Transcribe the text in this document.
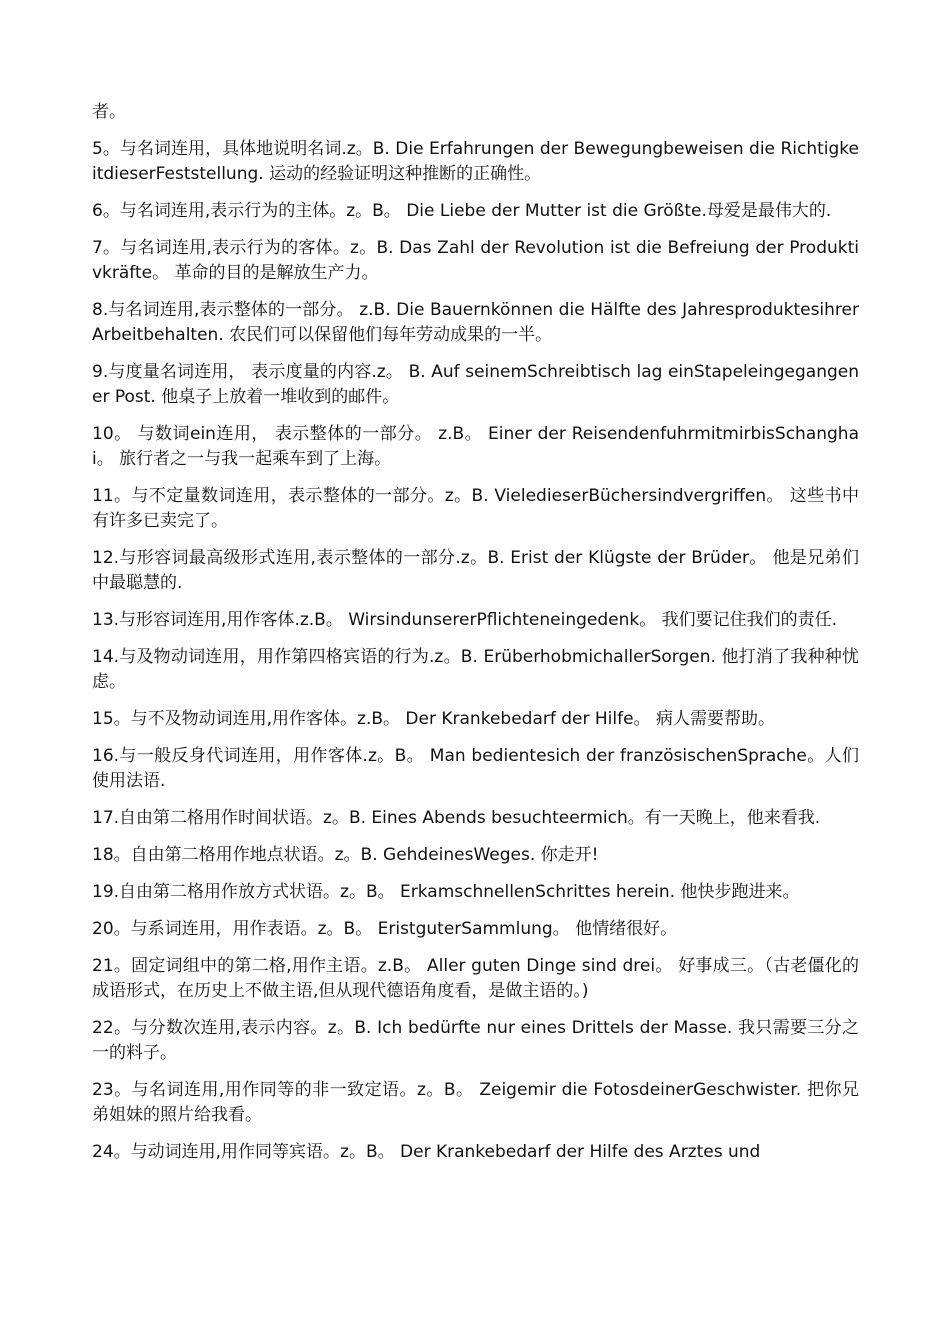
者。

5。与名词连用，具体地说明名词.z。B. Die Erfahrungen der Bewegungbeweisen die RichtigkeitdieserFeststellung. 运动的经验证明这种推断的正确性。

6。与名词连用,表示行为的主体。z。B。 Die Liebe der Mutter ist die Größte.母爱是最伟大的.

7。与名词连用,表示行为的客体。z。B. Das Zahl der Revolution ist die Befreiung der Produktivkräfte。 革命的目的是解放生产力。

8.与名词连用,表示整体的一部分。 z.B. Die Bauernkönnen die Hälfte des JahresproduktesihrerArbeitbehalten. 农民们可以保留他们每年劳动成果的一半。

9.与度量名词连用， 表示度量的内容.z。 B. Auf seinemSchreibtisch lag einStapeleingegangener Post. 他桌子上放着一堆收到的邮件。

10。 与数词ein连用， 表示整体的一部分。 z.B。 Einer der ReisendenfuhrmitmirbisSchanghai。 旅行者之一与我一起乘车到了上海。

11。与不定量数词连用，表示整体的一部分。z。B. VieledieserBüchersindvergriffen。 这些书中有许多已卖完了。

12.与形容词最高级形式连用,表示整体的一部分.z。B. Erist der Klügste der Brüder。 他是兄弟们中最聪慧的.

13.与形容词连用,用作客体.z.B。 WirsindunsererPflichteneingedenk。 我们要记住我们的责任.

14.与及物动词连用，用作第四格宾语的行为.z。B. ErüberhobmichallerSorgen. 他打消了我种种忧虑。

15。与不及物动词连用,用作客体。z.B。 Der Krankebedarf der Hilfe。 病人需要帮助。

16.与一般反身代词连用，用作客体.z。B。 Man bedientesich der französischenSprache。人们使用法语.

17.自由第二格用作时间状语。z。B. Eines Abends besuchteermich。有一天晚上，他来看我.

18。自由第二格用作地点状语。z。B. GehdeinesWeges. 你走开!

19.自由第二格用作放方式状语。z。B。 ErkamschnellenSchrittes herein. 他快步跑进来。

20。与系词连用，用作表语。z。B。 EristguterSammlung。 他情绪很好。

21。固定词组中的第二格,用作主语。z.B。 Aller guten Dinge sind drei。 好事成三。（古老僵化的成语形式，在历史上不做主语,但从现代德语角度看，是做主语的。)

22。与分数次连用,表示内容。z。B. Ich bedürfte nur eines Drittels der Masse. 我只需要三分之一的料子。

23。与名词连用,用作同等的非一致定语。z。B。 Zeigemir die FotosdeinerGeschwister. 把你兄弟姐妹的照片给我看。

24。与动词连用,用作同等宾语。z。B。 Der Krankebedarf der Hilfe des Arztes und
